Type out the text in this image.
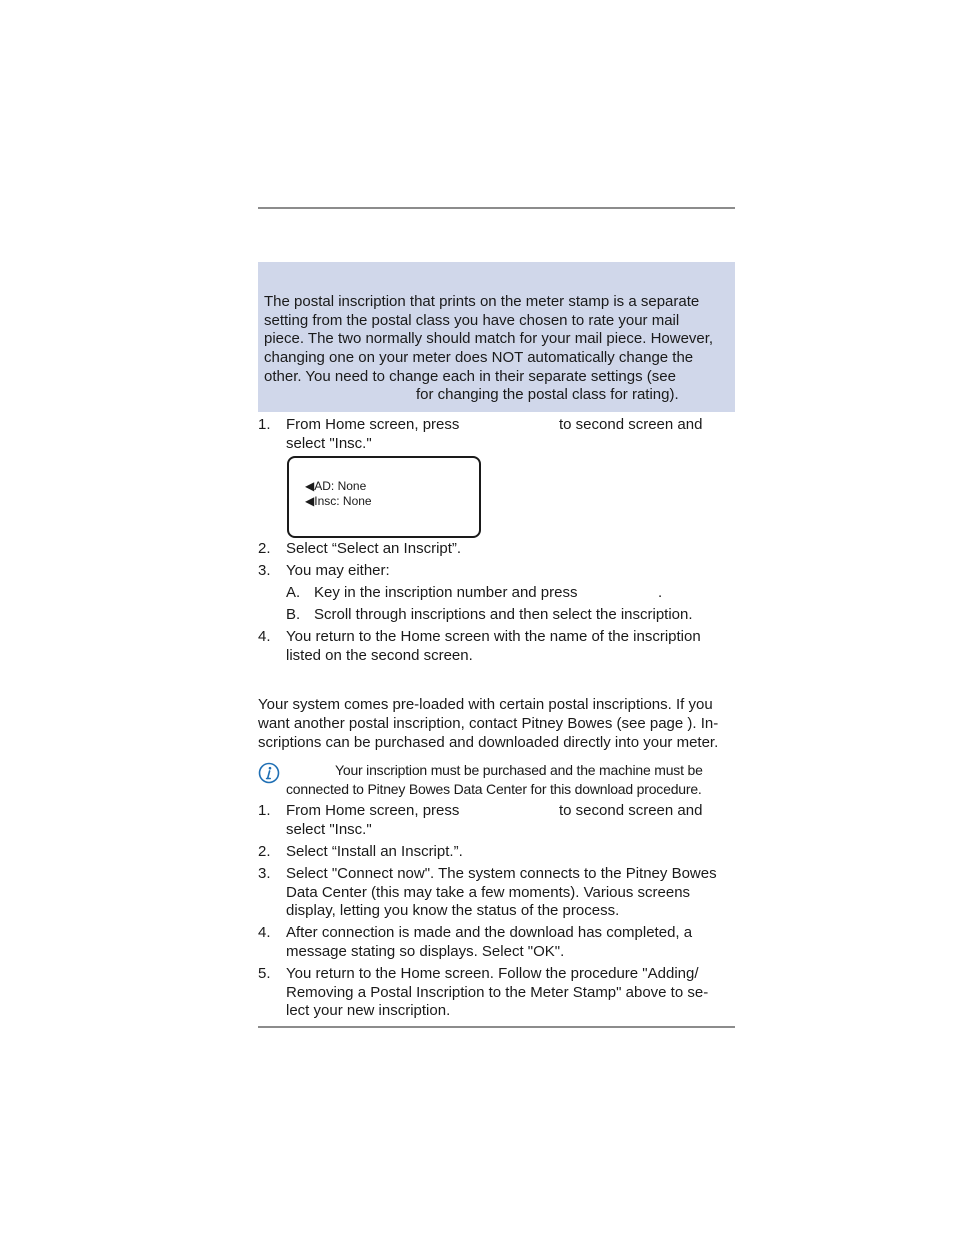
The postal inscription that prints on the meter stamp is a separate
setting from the postal class you have chosen to rate your mail
piece. The two normally should match for your mail piece. However,
changing one on your meter does NOT automatically change the
other. You need to change each in their separate settings (see
for changing the postal class for rating).
1. From Home screen, press	to second screen and
select "Insc."
◀AD: None
◀Insc: None
2. Select “Select an Inscript”.
3. You may either:
A. Key in the inscription number and press	.
B. Scroll through inscriptions and then select the inscription.
4. You return to the Home screen with the name of the inscription
listed on the second screen.
Your system comes pre-loaded with certain postal inscriptions. If you
want another postal inscription, contact Pitney Bowes (see page ). In-
scriptions can be purchased and downloaded directly into your meter.
Your inscription must be purchased and the machine must be
connected to Pitney Bowes Data Center for this download procedure.
1. From Home screen, press	to second screen and
select "Insc."
2. Select “Install an Inscript.”.
3. Select "Connect now". The system connects to the Pitney Bowes
Data Center (this may take a few moments). Various screens
display, letting you know the status of the process.
4. After connection is made and the download has completed, a
message stating so displays. Select "OK".
5. You return to the Home screen. Follow the procedure "Adding/
Removing a Postal Inscription to the Meter Stamp" above to se-
lect your new inscription.
